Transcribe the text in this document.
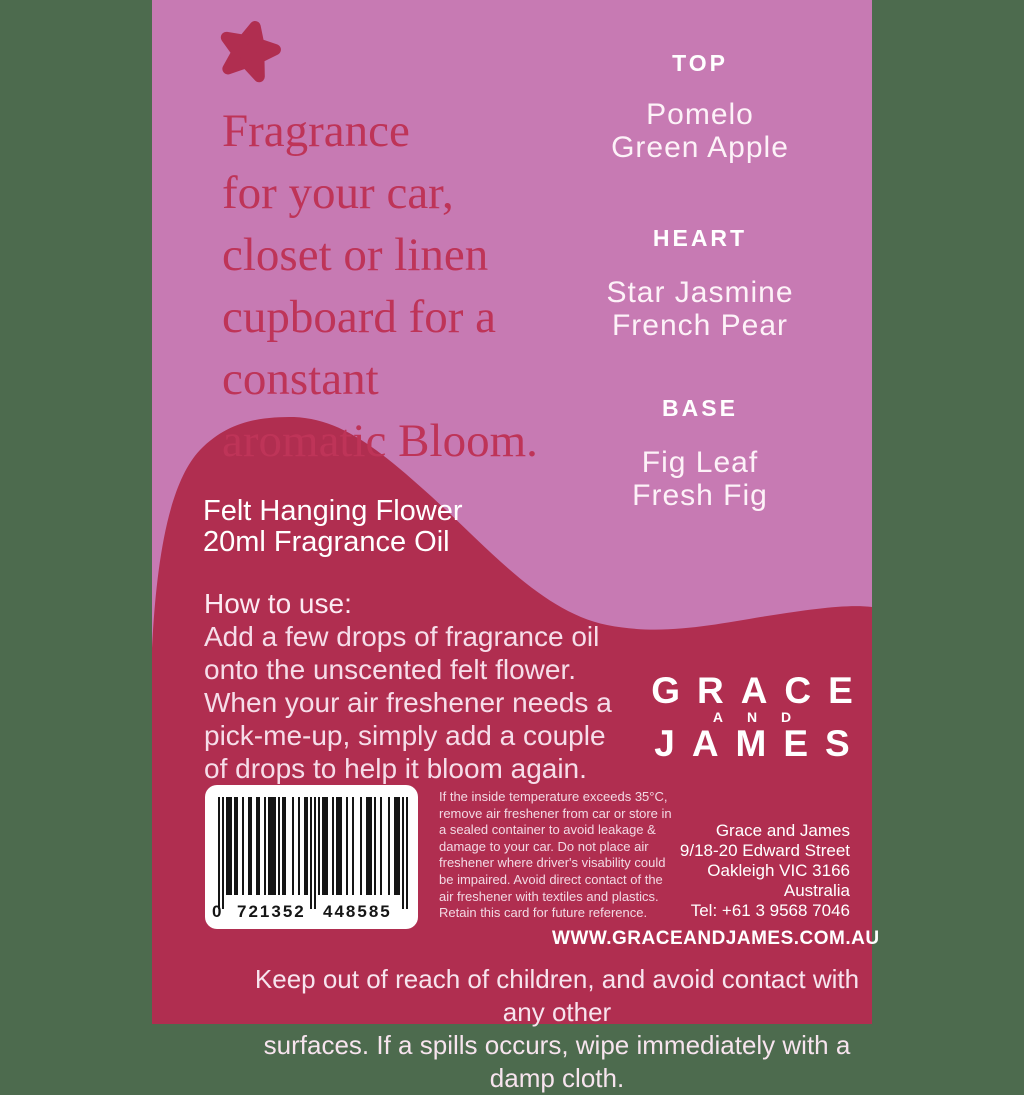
Fragrance
for your car,
closet or linen
cupboard for a
constant
aromatic Bloom.
TOP
Pomelo
Green Apple
HEART
Star Jasmine
French Pear
BASE
Fig Leaf
Fresh Fig
Felt Hanging Flower
20ml Fragrance Oil
How to use:
Add a few drops of fragrance oil
onto the unscented felt flower.
When your air freshener needs a
pick-me-up, simply add a couple
of drops to help it bloom again.
0 721352 448585
If the inside temperature exceeds 35°C,
remove air freshener from car or store in
a sealed container to avoid leakage &
damage to your car. Do not place air
freshener where driver's visability could
be impaired. Avoid direct contact of the
air freshener with textiles and plastics.
Retain this card for future reference.
GRACE
AND
JAMES
Grace and James
9/18-20 Edward Street
Oakleigh VIC 3166
Australia
Tel: +61 3 9568 7046
WWW.GRACEANDJAMES.COM.AU
Keep out of reach of children, and avoid contact with any other
surfaces. If a spills occurs, wipe immediately with a damp cloth.
